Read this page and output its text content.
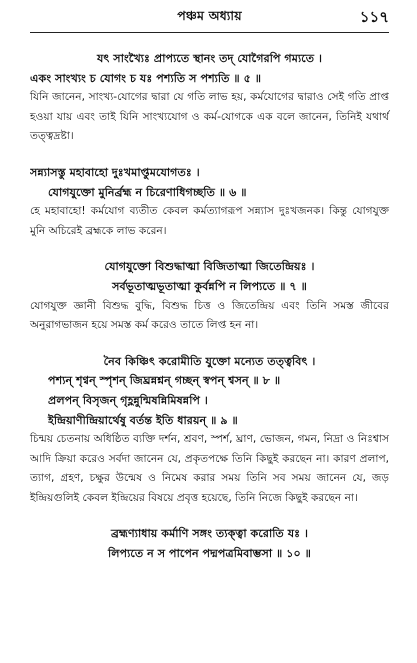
পঞ্চম অধ্যায়	১১৭
যৎ সাংখ্যৈঃ প্রাপ্যতে স্থানং তদ্ যোগৈরপি গম্যতে ।
একং সাংখ্যং চ যোগং চ যঃ পশ্যতি স পশ্যতি ॥ ৫ ॥

যিনি জানেন, সাংখ্য-যোগের দ্বারা যে গতি লাভ হয়, কর্মযোগের দ্বারাও সেই গতি প্রাপ্ত হওয়া যায় এবং তাই যিনি সাংখ্যযোগ ও কর্ম-যোগকে এক বলে জানেন, তিনিই যথার্থ তত্ত্বদ্রষ্টা।

সন্ন্যাসস্তু মহাবাহো দুঃখমাপ্তুমযোগতঃ ।
যোগযুক্তো মুনির্ব্রহ্ম ন চিরেণাধিগচ্ছতি ॥ ৬ ॥

হে মহাবাহো! কর্মযোগ ব্যতীত কেবল কর্মত্যাগরূপ সন্ন্যাস দুঃখজনক। কিন্তু যোগযুক্ত মুনি অচিরেই ব্রহ্মকে লাভ করেন।

যোগযুক্তো বিশুদ্ধাত্মা বিজিতাত্মা জিতেন্দ্রিয়ঃ ।
সর্বভূতাত্মভূতাত্মা কুর্বন্নপি ন লিপ্যতে ॥ ৭ ॥

যোগযুক্ত জ্ঞানী বিশুদ্ধ বুদ্ধি, বিশুদ্ধ চিত্ত ও জিতেন্দ্রিয় এবং তিনি সমস্ত জীবের অনুরাগভাজন হয়ে সমস্ত কর্ম করেও তাতে লিপ্ত হন না।

নৈব কিঞ্চিৎ করোমীতি যুক্তো মন্যেত তত্ত্ববিৎ ।
পশ্যন্ শৃণ্বন্ স্পৃশন্ জিঘ্রন্নশ্নন্ গচ্ছন্ স্বপন্ শ্বসন্ ॥ ৮ ॥
প্রলপন্ বিসৃজন্ গৃহ্ণন্নুন্মিষন্নিমিষন্নপি ।
ইন্দ্রিয়াণীন্দ্রিয়ার্থেষু বর্তন্ত ইতি ধারয়ন্ ॥ ৯ ॥

চিন্ময় চেতনায় অধিষ্ঠিত ব্যক্তি দর্শন, শ্রবণ, স্পর্শ, ঘ্রাণ, ভোজন, গমন, নিদ্রা ও নিঃশ্বাস আদি ক্রিয়া করেও সর্বদা জানেন যে, প্রকৃতপক্ষে তিনি কিছুই করছেন না। কারণ প্রলাপ, ত্যাগ, গ্রহণ, চক্ষুর উন্মেষ ও নিমেষ করার সময় তিনি সব সময় জানেন যে, জড় ইন্দ্রিয়গুলিই কেবল ইন্দ্রিয়ের বিষয়ে প্রবৃত্ত হয়েছে, তিনি নিজে কিছুই করছেন না।

ব্রহ্মণ্যাধায় কর্মাণি সঙ্গং ত্যক্ত্বা করোতি যঃ ।
লিপ্যতে ন স পাপেন পদ্মপত্রমিবাম্ভসা ॥ ১০ ॥
